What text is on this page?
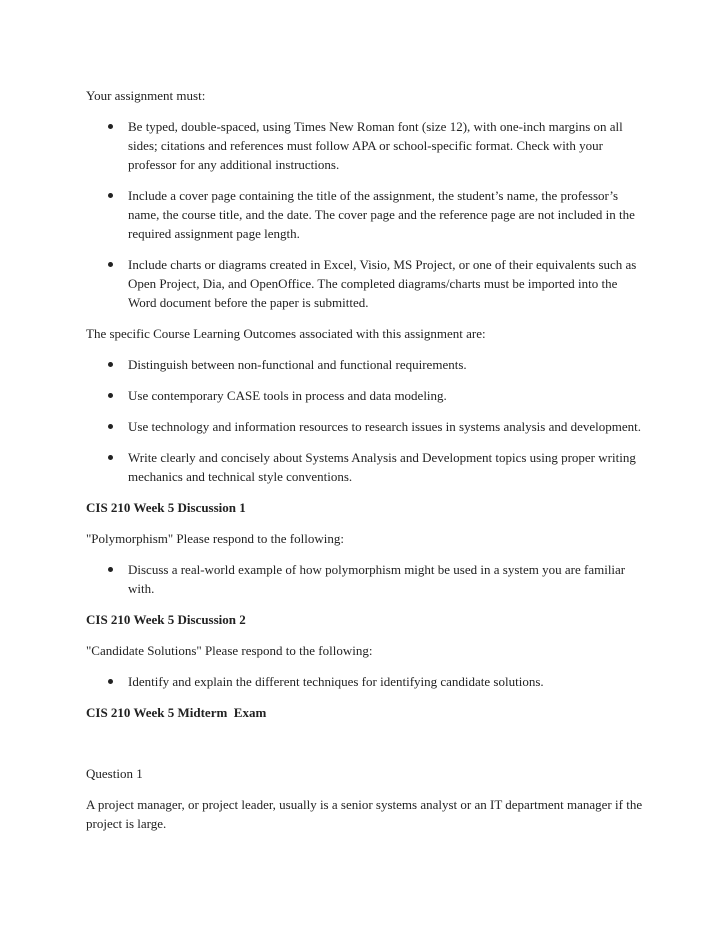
Your assignment must:

Be typed, double-spaced, using Times New Roman font (size 12), with one-inch margins on all sides; citations and references must follow APA or school-specific format. Check with your professor for any additional instructions.
Include a cover page containing the title of the assignment, the student’s name, the professor’s name, the course title, and the date. The cover page and the reference page are not included in the required assignment page length.
Include charts or diagrams created in Excel, Visio, MS Project, or one of their equivalents such as Open Project, Dia, and OpenOffice. The completed diagrams/charts must be imported into the Word document before the paper is submitted.

The specific Course Learning Outcomes associated with this assignment are:

Distinguish between non-functional and functional requirements.
Use contemporary CASE tools in process and data modeling.
Use technology and information resources to research issues in systems analysis and development.
Write clearly and concisely about Systems Analysis and Development topics using proper writing mechanics and technical style conventions.

CIS 210 Week 5 Discussion 1

"Polymorphism" Please respond to the following:

Discuss a real-world example of how polymorphism might be used in a system you are familiar with.

CIS 210 Week 5 Discussion 2

"Candidate Solutions" Please respond to the following:

Identify and explain the different techniques for identifying candidate solutions.

CIS 210 Week 5 Midterm  Exam

Question 1

A project manager, or project leader, usually is a senior systems analyst or an IT department manager if the project is large.
